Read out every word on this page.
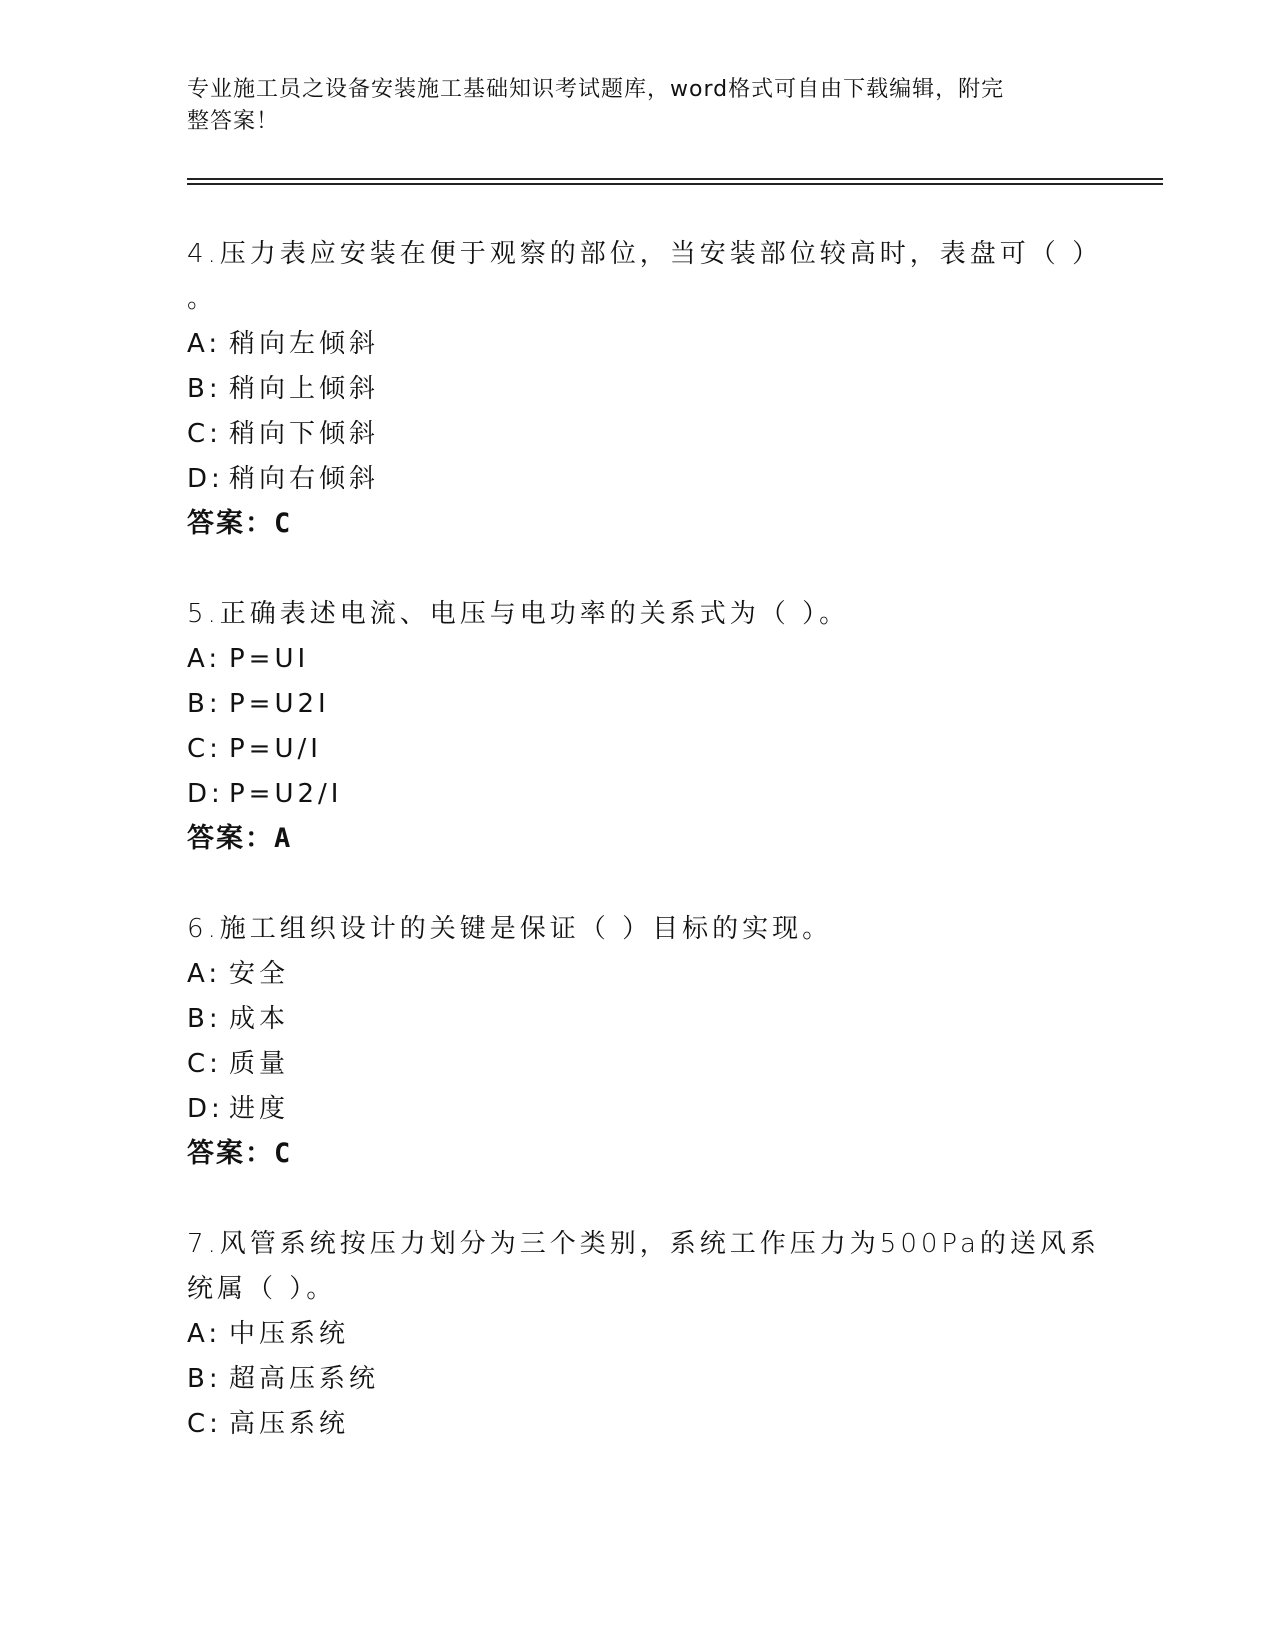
专业施工员之设备安装施工基础知识考试题库，word格式可自由下载编辑，附完
整答案！
4.压力表应安装在便于观察的部位，当安装部位较高时，表盘可（ ）
。
A: 稍向左倾斜
B: 稍向上倾斜
C: 稍向下倾斜
D: 稍向右倾斜
答案：C
5.正确表述电流、电压与电功率的关系式为（ ）。
A: P=UI
B: P=U2I
C: P=U/I
D: P=U2/I
答案：A
6.施工组织设计的关键是保证（ ）目标的实现。
A: 安全
B: 成本
C: 质量
D: 进度
答案：C
7.风管系统按压力划分为三个类别，系统工作压力为500Pa的送风系
统属（ ）。
A: 中压系统
B: 超高压系统
C: 高压系统
